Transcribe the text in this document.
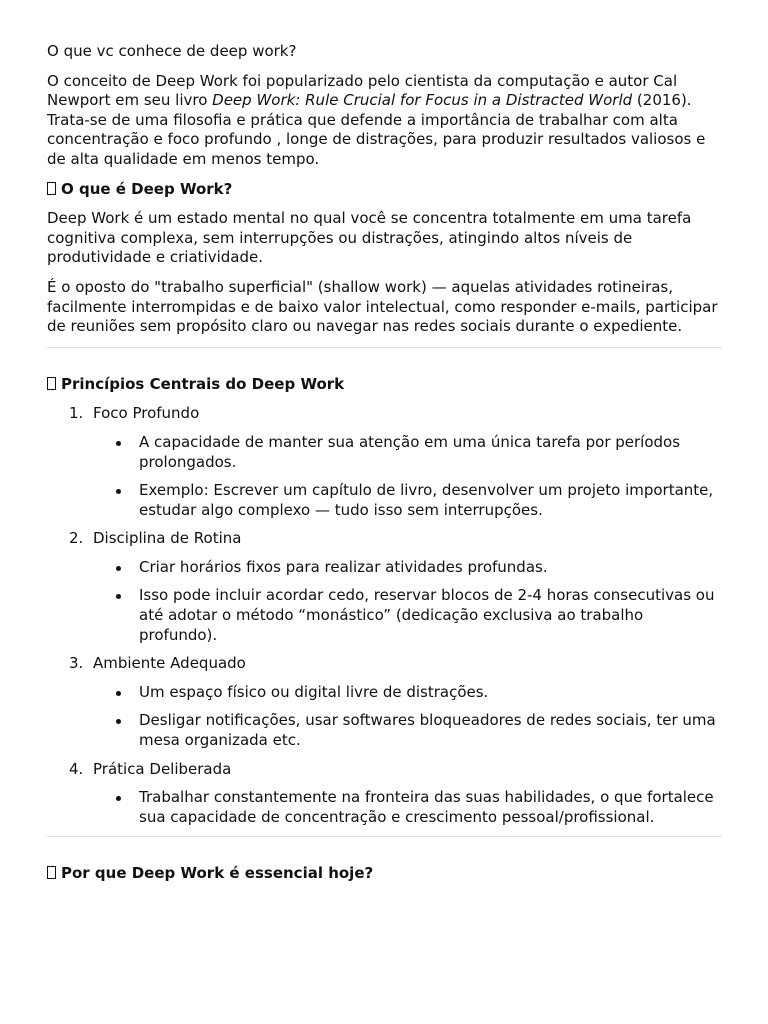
O que vc conhece de deep work?

O conceito de Deep Work foi popularizado pelo cientista da computação e autor Cal Newport em seu livro Deep Work: Rule Crucial for Focus in a Distracted World (2016). Trata-se de uma filosofia e prática que defende a importância de trabalhar com alta concentração e foco profundo , longe de distrações, para produzir resultados valiosos e de alta qualidade em menos tempo.

O que é Deep Work?

Deep Work é um estado mental no qual você se concentra totalmente em uma tarefa cognitiva complexa, sem interrupções ou distrações, atingindo altos níveis de produtividade e criatividade.

É o oposto do "trabalho superficial" (shallow work) — aquelas atividades rotineiras, facilmente interrompidas e de baixo valor intelectual, como responder e-mails, participar de reuniões sem propósito claro ou navegar nas redes sociais durante o expediente.

Princípios Centrais do Deep Work

1. Foco Profundo
A capacidade de manter sua atenção em uma única tarefa por períodos prolongados.
Exemplo: Escrever um capítulo de livro, desenvolver um projeto importante, estudar algo complexo — tudo isso sem interrupções.
2. Disciplina de Rotina
Criar horários fixos para realizar atividades profundas.
Isso pode incluir acordar cedo, reservar blocos de 2-4 horas consecutivas ou até adotar o método “monástico” (dedicação exclusiva ao trabalho profundo).
3. Ambiente Adequado
Um espaço físico ou digital livre de distrações.
Desligar notificações, usar softwares bloqueadores de redes sociais, ter uma mesa organizada etc.
4. Prática Deliberada
Trabalhar constantemente na fronteira das suas habilidades, o que fortalece sua capacidade de concentração e crescimento pessoal/profissional.

Por que Deep Work é essencial hoje?
